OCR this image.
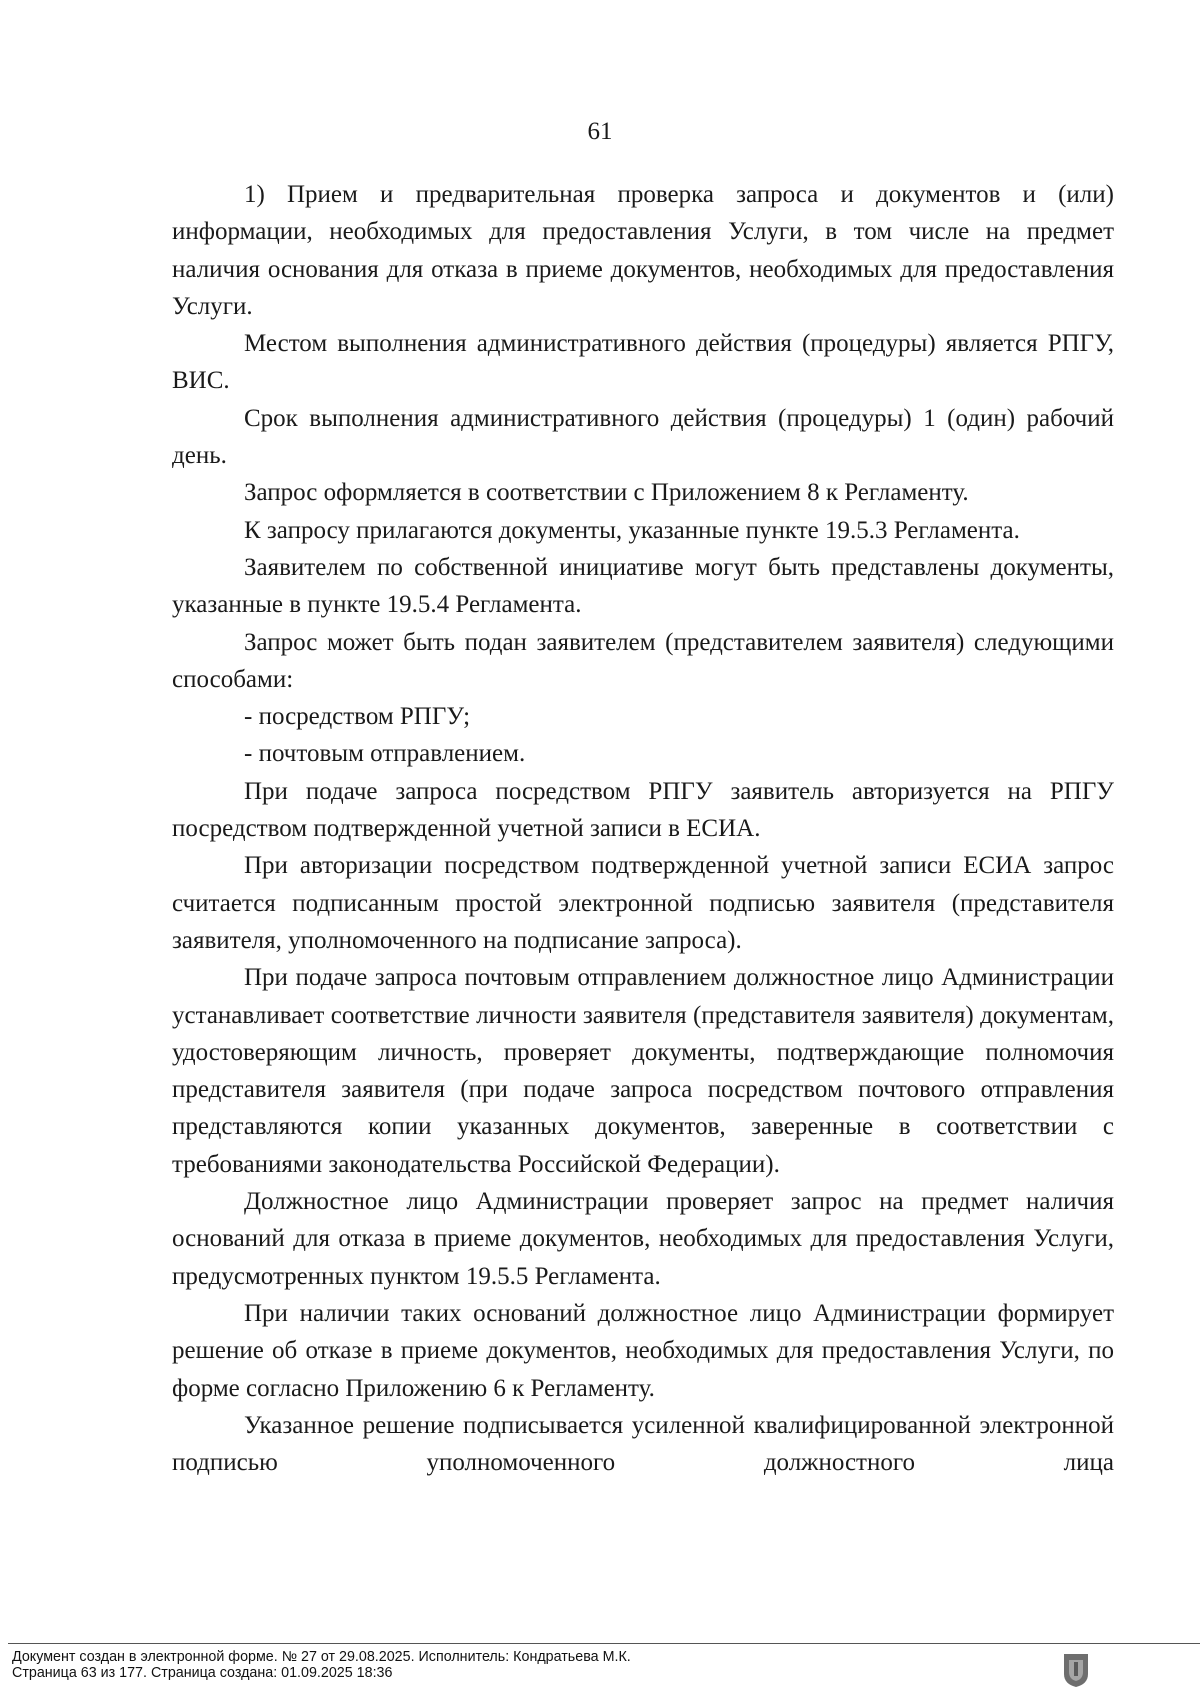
61

1) Прием и предварительная проверка запроса и документов и (или) информации, необходимых для предоставления Услуги, в том числе на предмет наличия основания для отказа в приеме документов, необходимых для предоставления Услуги.

Местом выполнения административного действия (процедуры) является РПГУ, ВИС.

Срок выполнения административного действия (процедуры) 1 (один) рабочий день.

Запрос оформляется в соответствии с Приложением 8 к Регламенту.

К запросу прилагаются документы, указанные пункте 19.5.3 Регламента.

Заявителем по собственной инициативе могут быть представлены документы, указанные в пункте 19.5.4 Регламента.

Запрос может быть подан заявителем (представителем заявителя) следующими способами:

- посредством РПГУ;

- почтовым отправлением.

При подаче запроса посредством РПГУ заявитель авторизуется на РПГУ посредством подтвержденной учетной записи в ЕСИА.

При авторизации посредством подтвержденной учетной записи ЕСИА запрос считается подписанным простой электронной подписью заявителя (представителя заявителя, уполномоченного на подписание запроса).

При подаче запроса почтовым отправлением должностное лицо Администрации устанавливает соответствие личности заявителя (представителя заявителя) документам, удостоверяющим личность, проверяет документы, подтверждающие полномочия представителя заявителя (при подаче запроса посредством почтового отправления представляются копии указанных документов, заверенные в соответствии с требованиями законодательства Российской Федерации).

Должностное лицо Администрации проверяет запрос на предмет наличия оснований для отказа в приеме документов, необходимых для предоставления Услуги, предусмотренных пунктом 19.5.5 Регламента.

При наличии таких оснований должностное лицо Администрации формирует решение об отказе в приеме документов, необходимых для предоставления Услуги, по форме согласно Приложению 6 к Регламенту.

Указанное решение подписывается усиленной квалифицированной электронной подписью уполномоченного должностного лица

Документ создан в электронной форме. № 27 от 29.08.2025. Исполнитель: Кондратьева М.К.
Страница 63 из 177. Страница создана: 01.09.2025 18:36
